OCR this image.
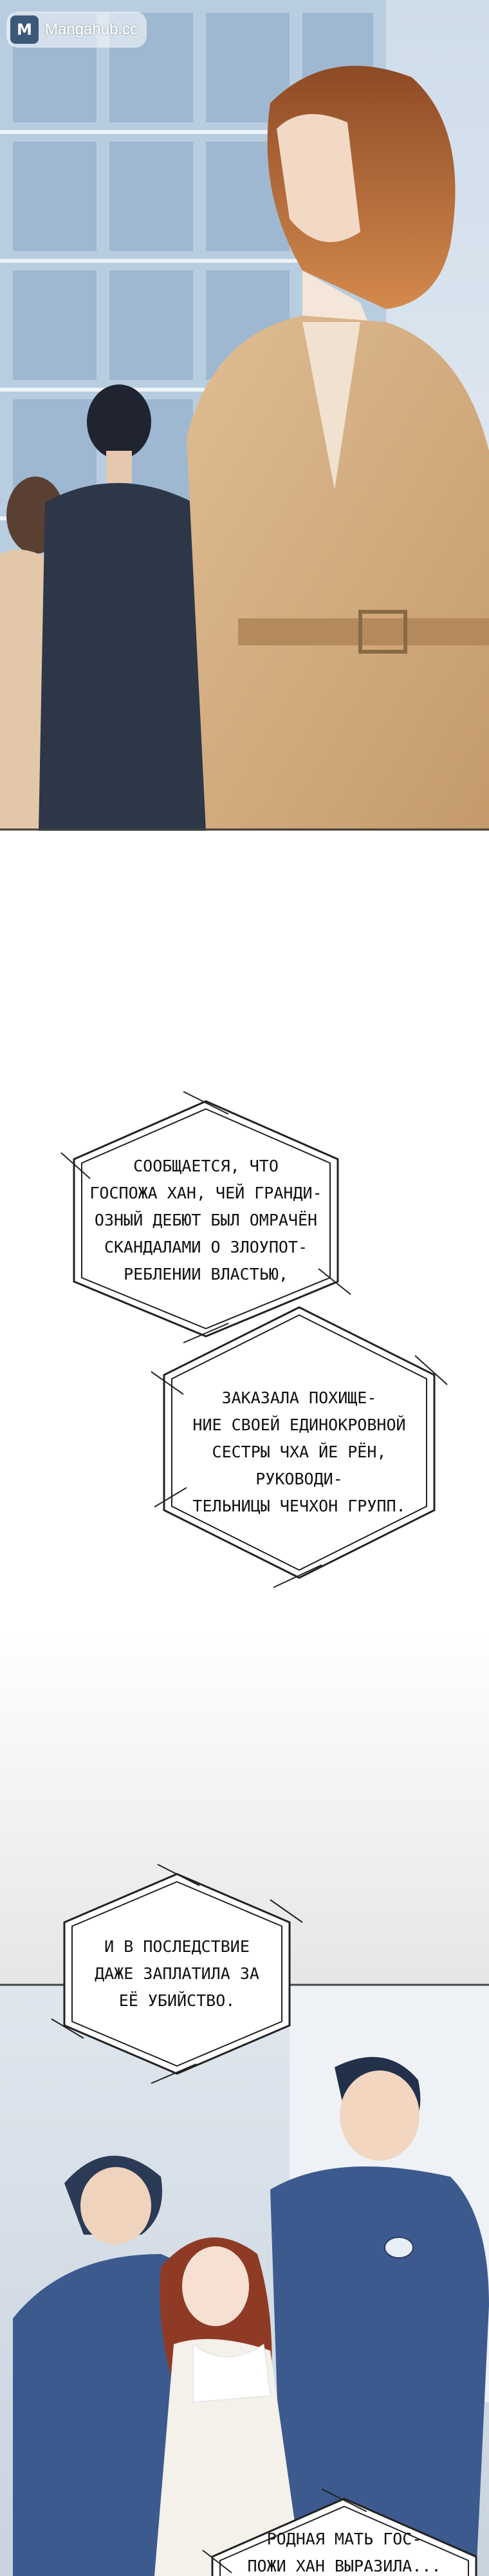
M Mangahub.cc
СООБЩАЕТСЯ, ЧТО
ГОСПОЖА ХАН, ЧЕЙ ГРАНДИ-
ОЗНЫЙ ДЕБЮТ БЫЛ ОМРАЧЁН
СКАНДАЛАМИ О ЗЛОУПОТ-
РЕБЛЕНИИ ВЛАСТЬЮ,
ЗАКАЗАЛА ПОХИЩЕ-
НИЕ СВОЕЙ ЕДИНОКРОВНОЙ
СЕСТРЫ ЧХА ЙЕ РЁН, РУКОВОДИ-
ТЕЛЬНИЦЫ ЧЕЧХОН ГРУПП.
И В ПОСЛЕДСТВИЕ
ДАЖЕ ЗАПЛАТИЛА ЗА
ЕЁ УБИЙСТВО.
РОДНАЯ МАТЬ ГОС-
ПОЖИ ХАН ВЫРАЗИЛА...
